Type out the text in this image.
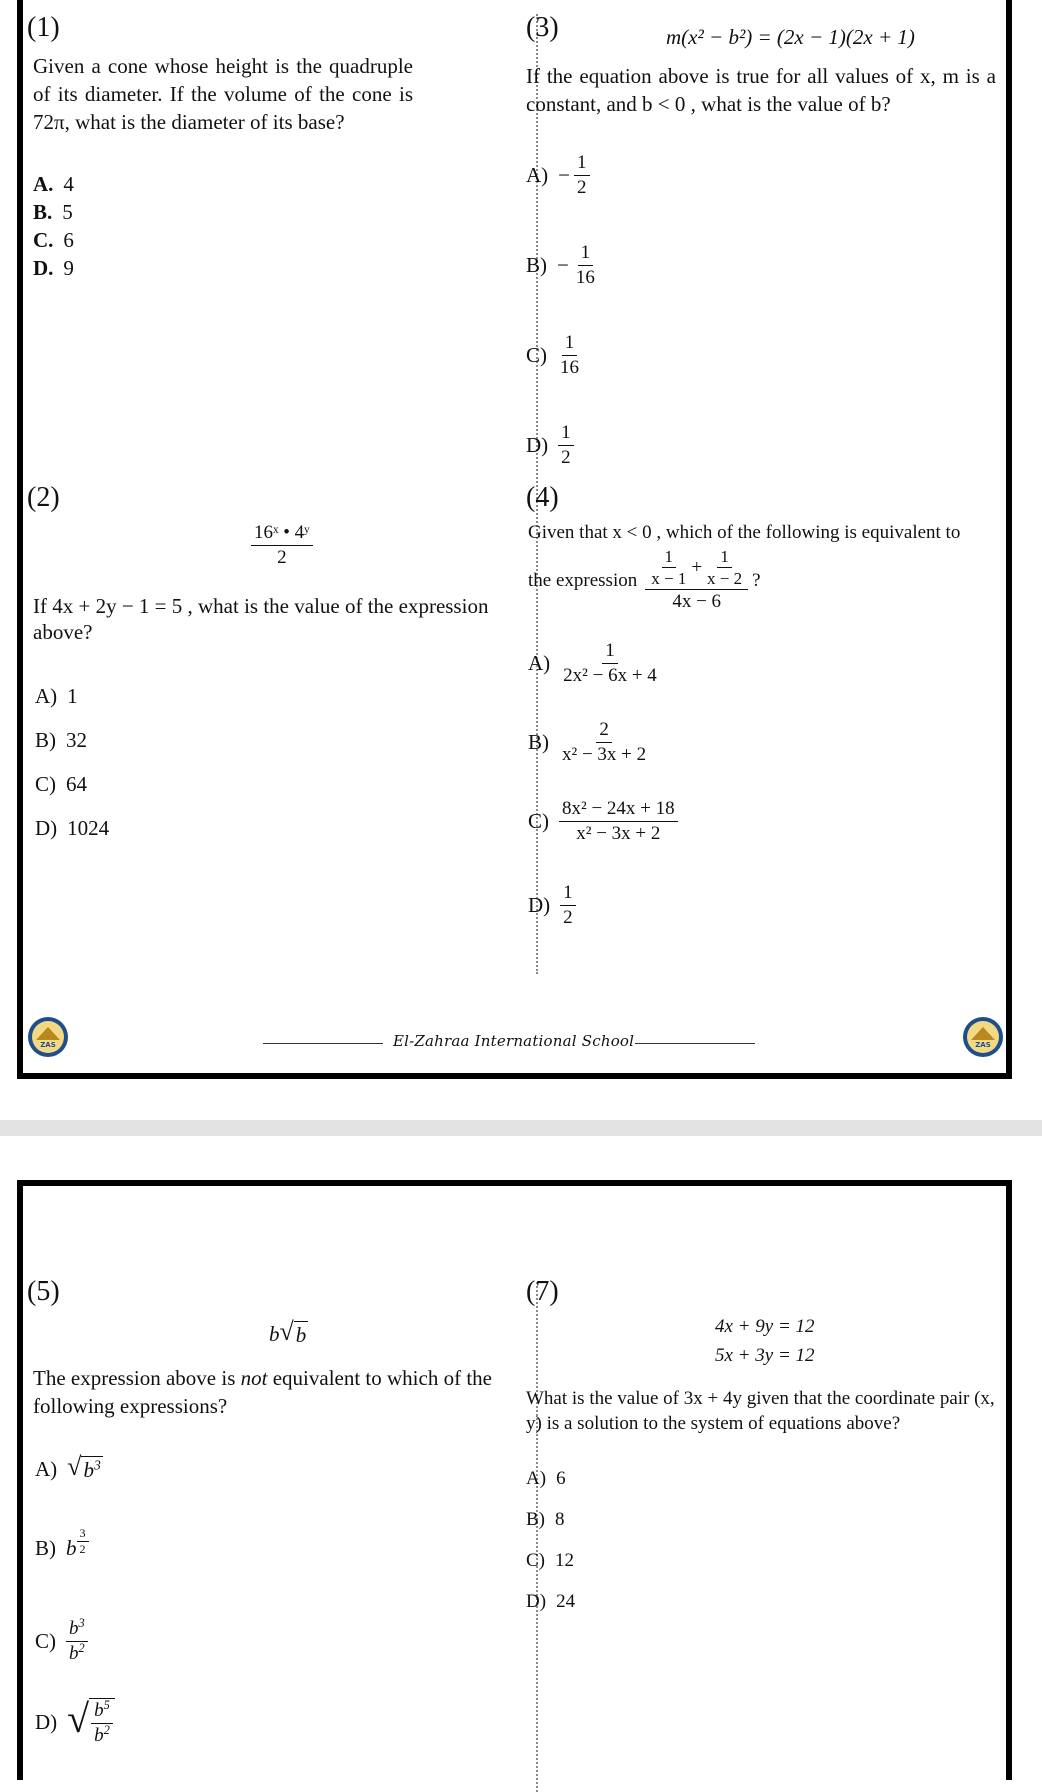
(1)
Given a cone whose height is the quadruple of its diameter. If the volume of the cone is 72π, what is the diameter of its base?
A. 4
B. 5
C. 6
D. 9
(3)	m(x² − b²) = (2x − 1)(2x + 1)
If the equation above is true for all values of x, m is a constant, and b < 0 , what is the value of b?
$A) - \frac{1}{2}$
$B) - \frac{1}{16}$
$C) \frac{1}{16}$
$D) \frac{1}{2}$
(2)
$\frac{\text{16ˣ • 4ʸ}}{2}$
If 4x + 2y − 1 = 5 , what is the value of the expression
above?
A) 1
B) 32
C) 64
D) 1024
(4)
Given that x < 0 , which of the following is equivalent to
the expression $\frac{\frac{1}{x - 1} + \frac{1}{x - 2}}{4x - 6}$ ?
$A) \frac{1}{\text{2x² − 6x + 4}}$
$B) \frac{2}{\text{x² − 3x + 2}}$
$C) \frac{\text{8x² − 24x + 18}}{\text{x² − 3x + 2}}$
$D) \frac{1}{2}$
ZAS	El-Zahraa International School	ZAS
(5)
b √ b
The expression above is not equivalent to which of the following expressions?
A) √ $b^3$
B) b $\frac{3}{2}$
$C) \frac{b^3}{b^2}$
D) √ $\frac{b^5}{b^2}$
(7)
4x + 9y = 12
5x + 3y = 12
What is the value of 3x + 4y given that the coordinate pair (x, y) is a solution to the system of equations above?
A) 6
B) 8
C) 12
D) 24
